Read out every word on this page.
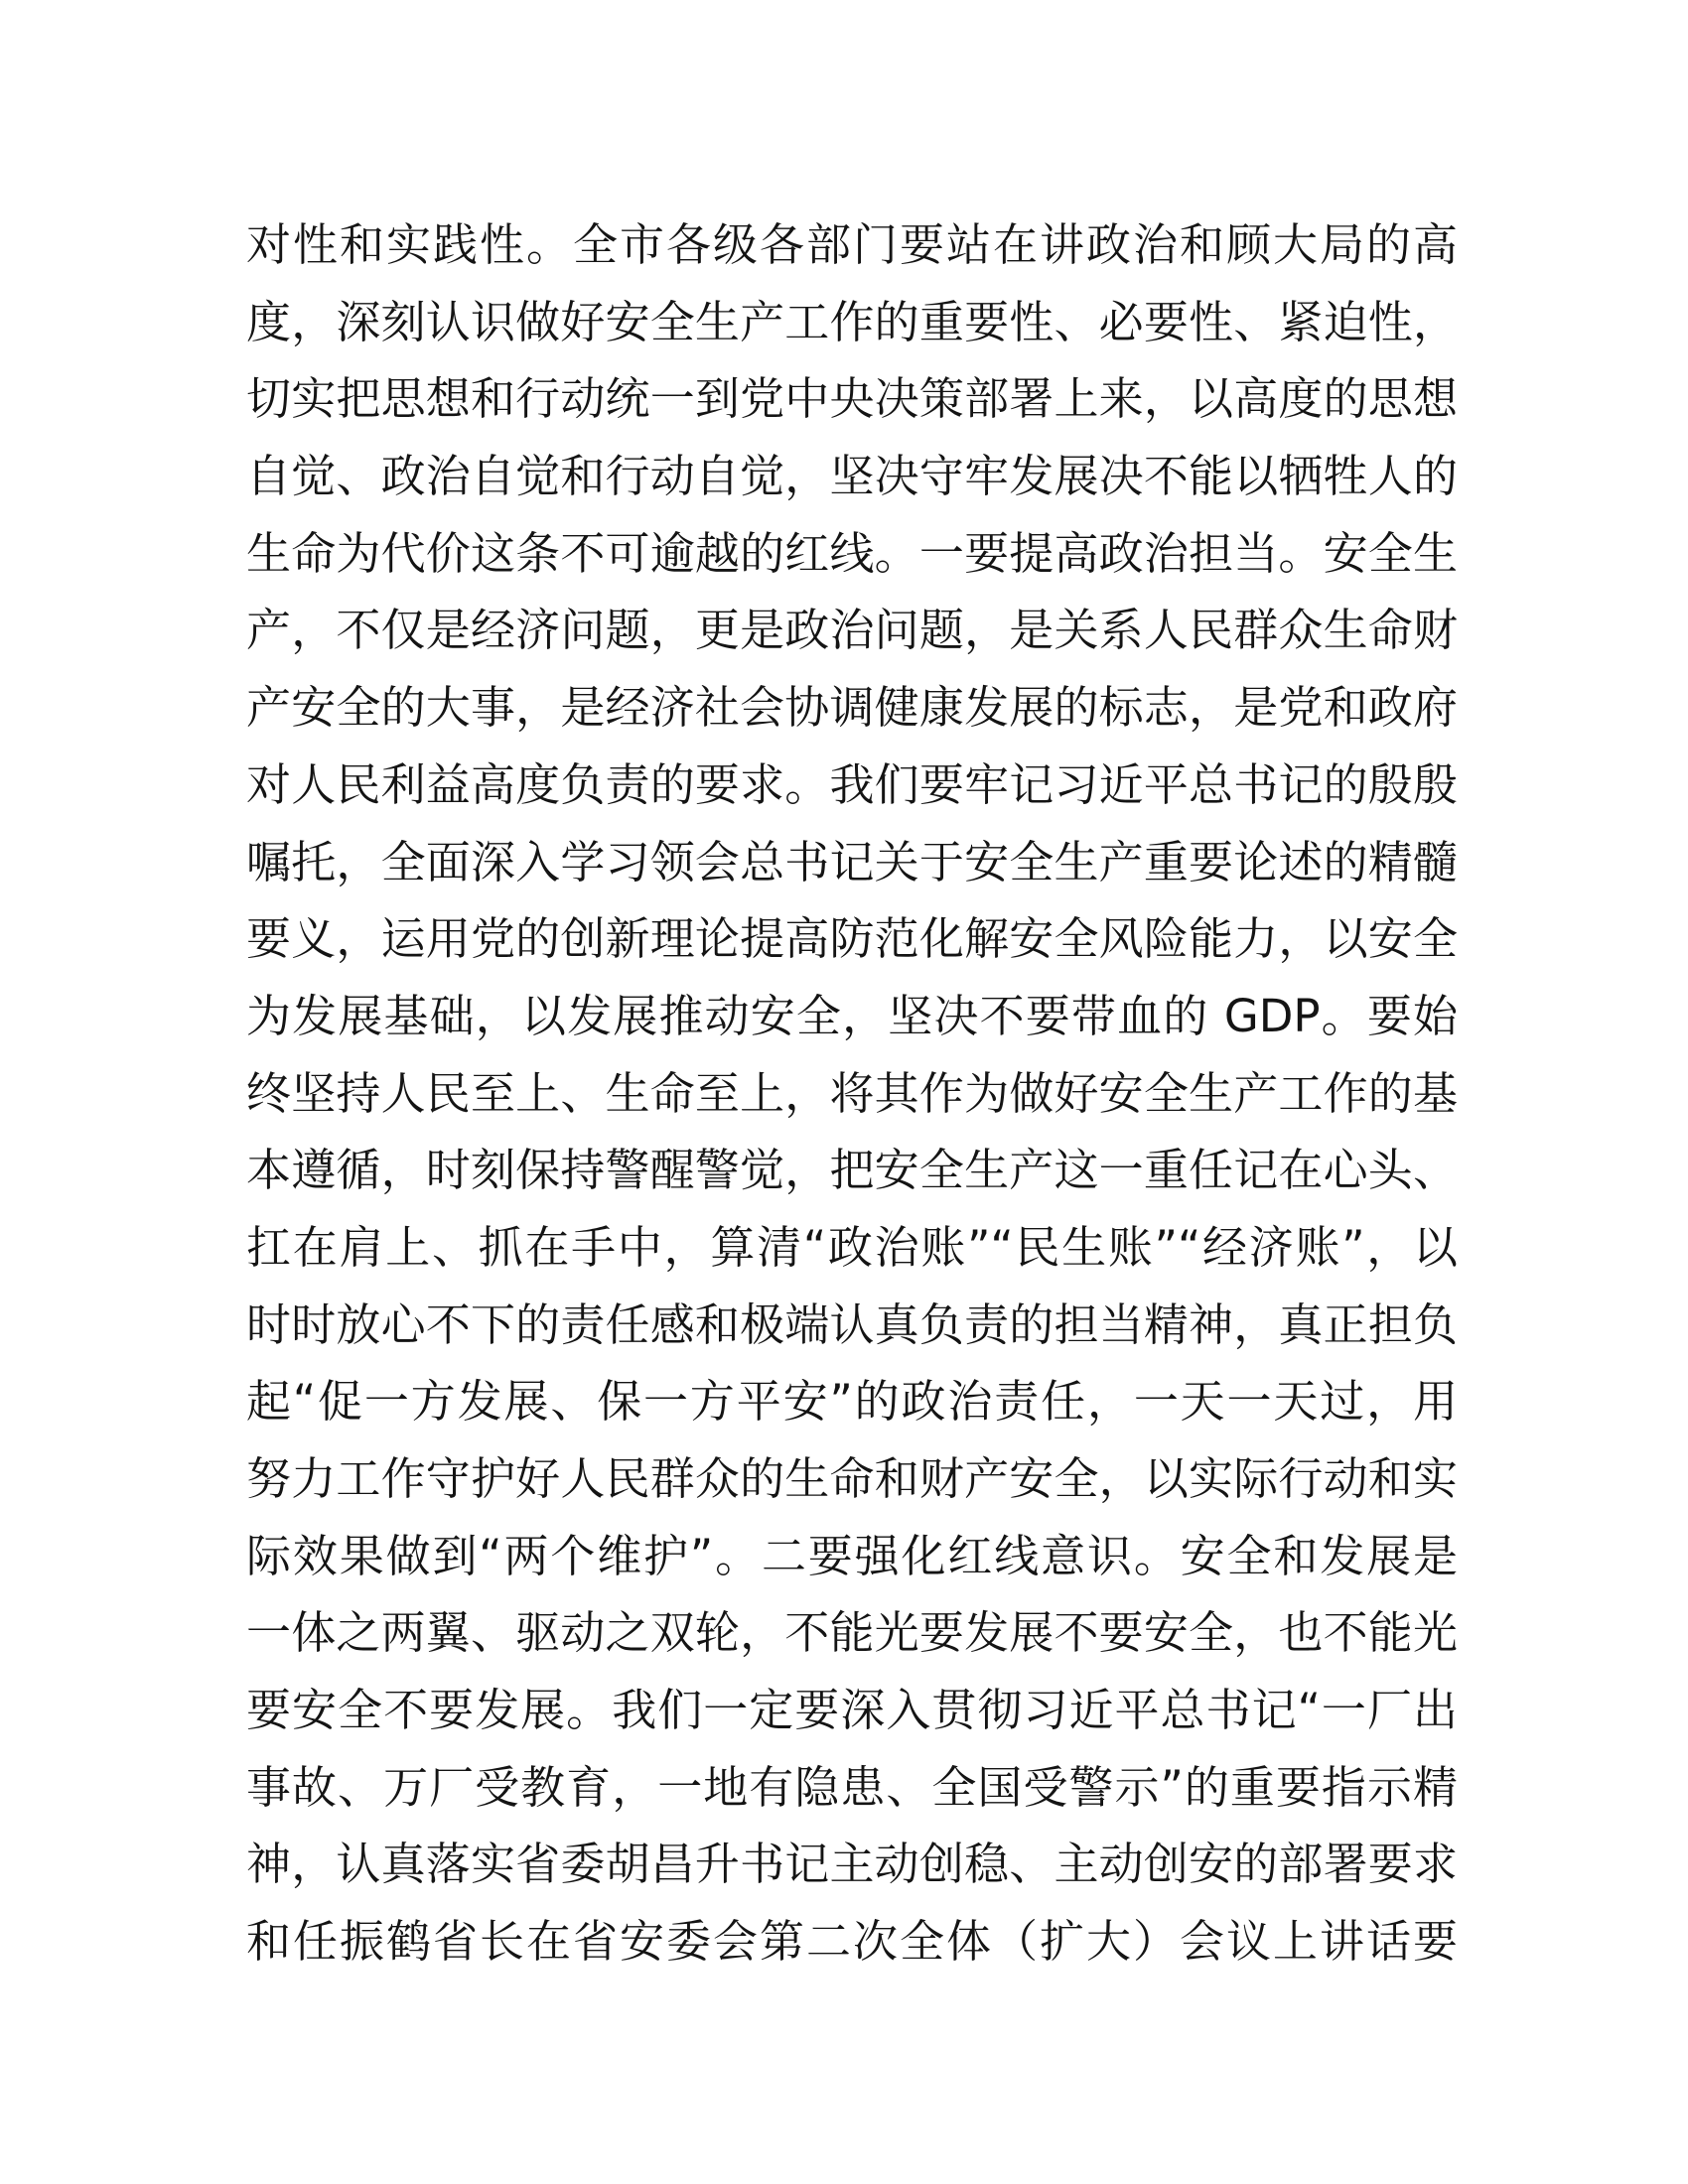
对性和实践性。全市各级各部门要站在讲政治和顾大局的高
度，深刻认识做好安全生产工作的重要性、必要性、紧迫性，
切实把思想和行动统一到党中央决策部署上来，以高度的思想
自觉、政治自觉和行动自觉，坚决守牢发展决不能以牺牲人的
生命为代价这条不可逾越的红线。一要提高政治担当。安全生
产，不仅是经济问题，更是政治问题，是关系人民群众生命财
产安全的大事，是经济社会协调健康发展的标志，是党和政府
对人民利益高度负责的要求。我们要牢记习近平总书记的殷殷
嘱托，全面深入学习领会总书记关于安全生产重要论述的精髓
要义，运用党的创新理论提高防范化解安全风险能力，以安全
为发展基础，以发展推动安全，坚决不要带血的 GDP。要始
终坚持人民至上、生命至上，将其作为做好安全生产工作的基
本遵循，时刻保持警醒警觉，把安全生产这一重任记在心头、
扛在肩上、抓在手中，算清“政治账”“民生账”“经济账”，以
时时放心不下的责任感和极端认真负责的担当精神，真正担负
起“促一方发展、保一方平安”的政治责任，一天一天过，用
努力工作守护好人民群众的生命和财产安全，以实际行动和实
际效果做到“两个维护”。二要强化红线意识。安全和发展是
一体之两翼、驱动之双轮，不能光要发展不要安全，也不能光
要安全不要发展。我们一定要深入贯彻习近平总书记“一厂出
事故、万厂受教育，一地有隐患、全国受警示”的重要指示精
神，认真落实省委胡昌升书记主动创稳、主动创安的部署要求
和任振鹤省长在省安委会第二次全体（扩大）会议上讲话要
